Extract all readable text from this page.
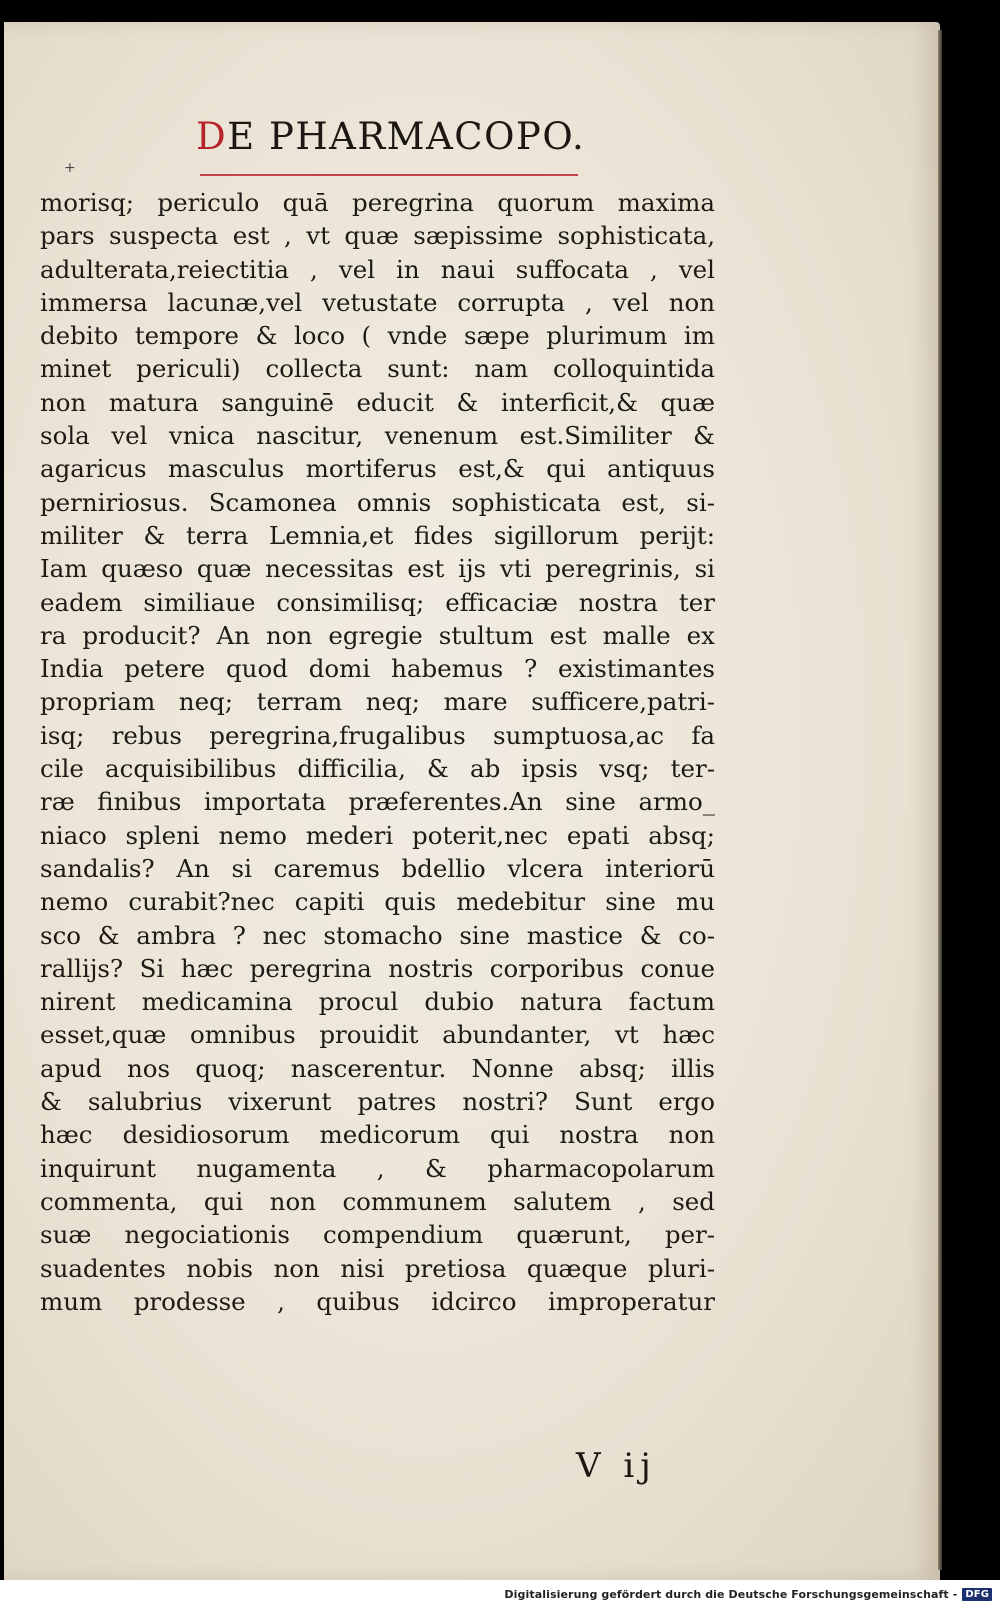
DE PHARMACOPO.
+
morisq; periculo quā peregrina quorum maxima
pars suspecta est , vt quæ sæpissime sophisticata,
adulterata,reiectitia , vel in naui suffocata , vel
immersa lacunæ,vel vetustate corrupta , vel non
debito tempore & loco ( vnde sæpe plurimum im
minet periculi) collecta sunt: nam colloquintida
non matura sanguinē educit & interficit,& quæ
sola vel vnica nascitur, venenum est.Similiter &
agaricus masculus mortiferus est,& qui antiquus
perniriosus. Scamonea omnis sophisticata est, si-
militer & terra Lemnia,et fides sigillorum perijt:
Iam quæso quæ necessitas est ijs vti peregrinis, si
eadem similiaue consimilisq; efficaciæ nostra ter
ra producit? An non egregie stultum est malle ex
India petere quod domi habemus ? existimantes
propriam neq; terram neq; mare sufficere,patri-
isq; rebus peregrina,frugalibus sumptuosa,ac fa
cile acquisibilibus difficilia, & ab ipsis vsq; ter-
ræ finibus importata præferentes.An sine armo_
niaco spleni nemo mederi poterit,nec epati absq;
sandalis? An si caremus bdellio vlcera interiorū
nemo curabit?nec capiti quis medebitur sine mu
sco & ambra ? nec stomacho sine mastice & co-
rallijs? Si hæc peregrina nostris corporibus conue
nirent medicamina procul dubio natura factum
esset,quæ omnibus prouidit abundanter, vt hæc
apud nos quoq; nascerentur. Nonne absq; illis
& salubrius vixerunt patres nostri? Sunt ergo
hæc desidiosorum medicorum qui nostra non
inquirunt nugamenta , & pharmacopolarum
commenta, qui non communem salutem , sed
suæ negociationis compendium quærunt, per-
suadentes nobis non nisi pretiosa quæque pluri-
mum prodesse , quibus idcirco improperatur
V ij
Digitalisierung gefördert durch die Deutsche Forschungsgemeinschaft - DFG
